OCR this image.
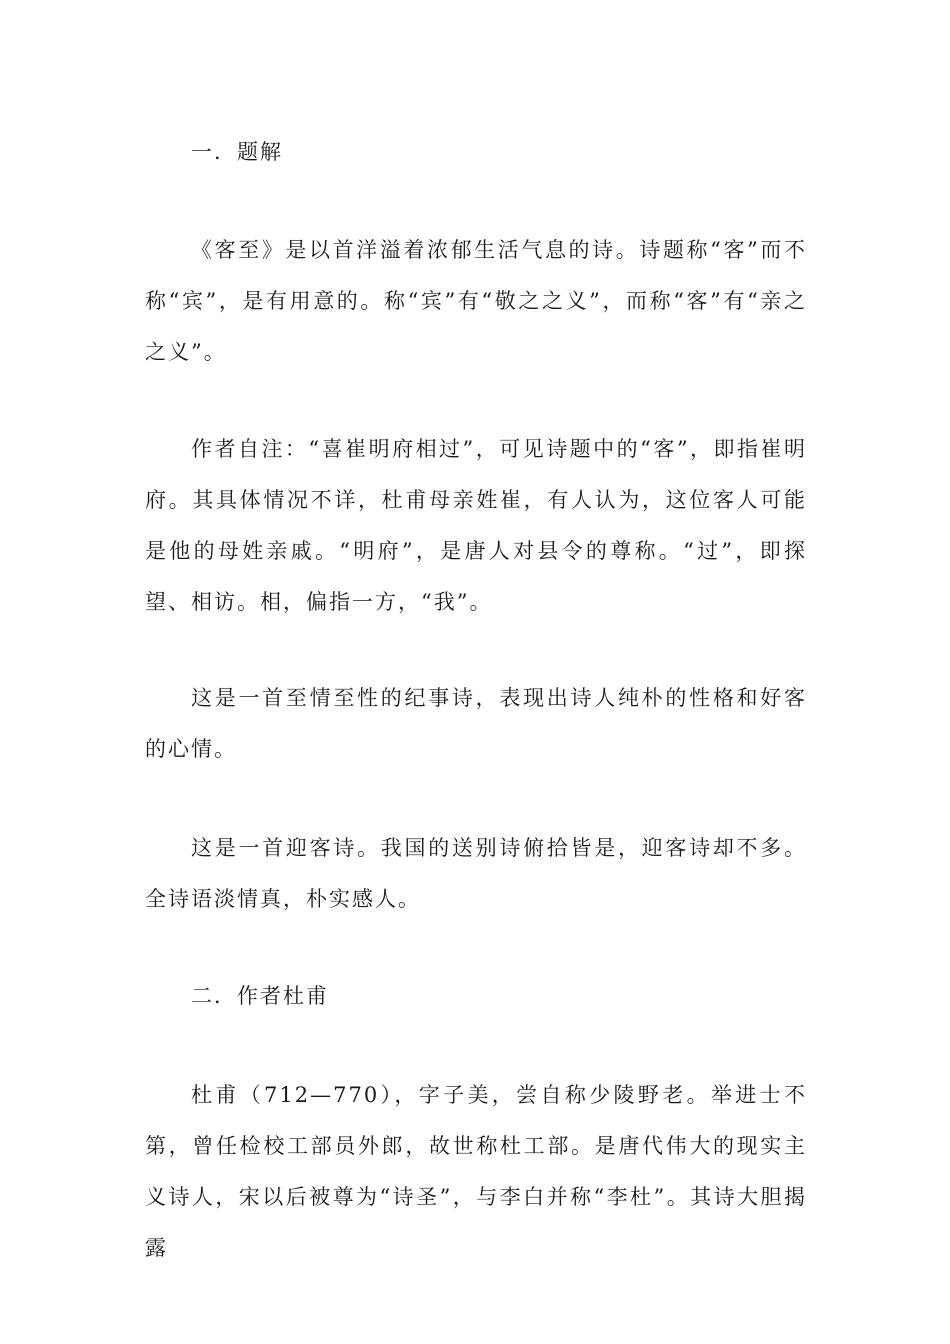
一．题解
《客至》是以首洋溢着浓郁生活气息的诗。诗题称“客”而不称“宾”，是有用意的。称“宾”有“敬之之义”，而称“客”有“亲之之义”。
作者自注：“喜崔明府相过”，可见诗题中的“客”，即指崔明府。其具体情况不详，杜甫母亲姓崔，有人认为，这位客人可能是他的母姓亲戚。“明府”，是唐人对县令的尊称。“过”，即探望、相访。相，偏指一方，“我”。
这是一首至情至性的纪事诗，表现出诗人纯朴的性格和好客的心情。
这是一首迎客诗。我国的送别诗俯拾皆是，迎客诗却不多。全诗语淡情真，朴实感人。
二．作者杜甫
杜甫（712—770），字子美，尝自称少陵野老。举进士不第，曾任检校工部员外郎，故世称杜工部。是唐代伟大的现实主义诗人，宋以后被尊为“诗圣”，与李白并称“李杜”。其诗大胆揭露
